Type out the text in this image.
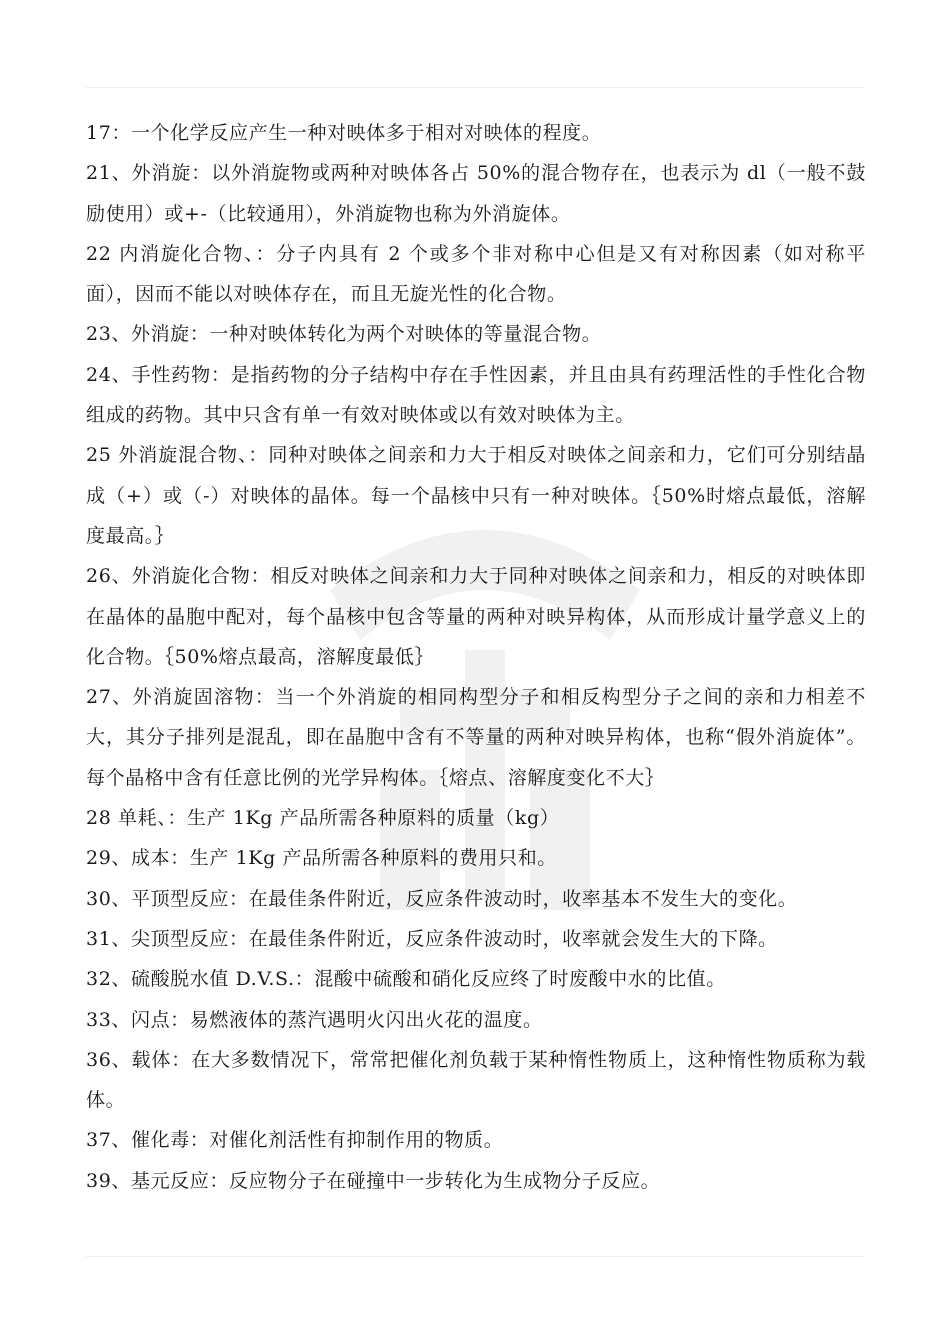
17：一个化学反应产生一种对映体多于相对对映体的程度。

21、外消旋：以外消旋物或两种对映体各占 50%的混合物存在，也表示为 dl（一般不鼓励使用）或+-（比较通用），外消旋物也称为外消旋体。

22 内消旋化合物、：分子内具有 2 个或多个非对称中心但是又有对称因素（如对称平面），因而不能以对映体存在，而且无旋光性的化合物。

23、外消旋：一种对映体转化为两个对映体的等量混合物。

24、手性药物：是指药物的分子结构中存在手性因素，并且由具有药理活性的手性化合物组成的药物。其中只含有单一有效对映体或以有效对映体为主。

25 外消旋混合物、：同种对映体之间亲和力大于相反对映体之间亲和力，它们可分别结晶成（+）或（-）对映体的晶体。每一个晶核中只有一种对映体。｛50%时熔点最低，溶解度最高。｝

26、外消旋化合物：相反对映体之间亲和力大于同种对映体之间亲和力，相反的对映体即在晶体的晶胞中配对，每个晶核中包含等量的两种对映异构体，从而形成计量学意义上的化合物。｛50%熔点最高，溶解度最低｝

27、外消旋固溶物：当一个外消旋的相同构型分子和相反构型分子之间的亲和力相差不大，其分子排列是混乱，即在晶胞中含有不等量的两种对映异构体，也称“假外消旋体”。每个晶格中含有任意比例的光学异构体。｛熔点、溶解度变化不大｝

28 单耗、：生产 1Kg 产品所需各种原料的质量（kg）

29、成本：生产 1Kg 产品所需各种原料的费用只和。

30、平顶型反应：在最佳条件附近，反应条件波动时，收率基本不发生大的变化。

31、尖顶型反应：在最佳条件附近，反应条件波动时，收率就会发生大的下降。

32、硫酸脱水值 D.V.S.：混酸中硫酸和硝化反应终了时废酸中水的比值。

33、闪点：易燃液体的蒸汽遇明火闪出火花的温度。

36、载体：在大多数情况下，常常把催化剂负载于某种惰性物质上，这种惰性物质称为载体。

37、催化毒：对催化剂活性有抑制作用的物质。

39、基元反应：反应物分子在碰撞中一步转化为生成物分子反应。
